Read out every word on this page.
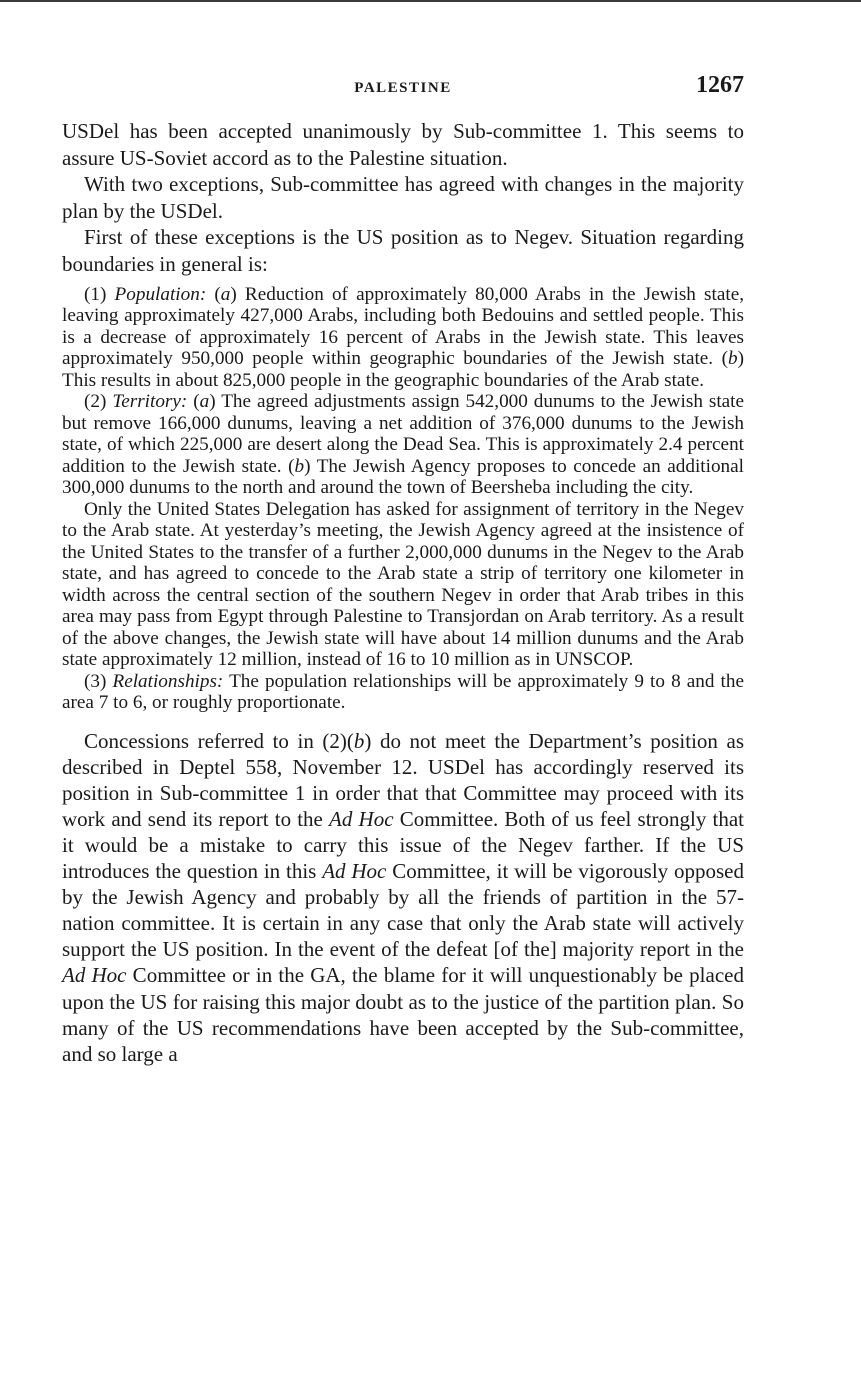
PALESTINE	1267

USDel has been accepted unanimously by Sub-committee 1. This seems to assure US-Soviet accord as to the Palestine situation.

With two exceptions, Sub-committee has agreed with changes in the majority plan by the USDel.

First of these exceptions is the US position as to Negev. Situation regarding boundaries in general is:

(1) Population: (a) Reduction of approximately 80,000 Arabs in the Jewish state, leaving approximately 427,000 Arabs, including both Bedouins and settled people. This is a decrease of approximately 16 percent of Arabs in the Jewish state. This leaves approximately 950,000 people within geographic boundaries of the Jewish state. (b) This results in about 825,000 people in the geographic boundaries of the Arab state.

(2) Territory: (a) The agreed adjustments assign 542,000 dunums to the Jewish state but remove 166,000 dunums, leaving a net addition of 376,000 dunums to the Jewish state, of which 225,000 are desert along the Dead Sea. This is approximately 2.4 percent addition to the Jewish state. (b) The Jewish Agency proposes to concede an additional 300,000 dunums to the north and around the town of Beersheba including the city.

Only the United States Delegation has asked for assignment of territory in the Negev to the Arab state. At yesterday’s meeting, the Jewish Agency agreed at the insistence of the United States to the transfer of a further 2,000,000 dunums in the Negev to the Arab state, and has agreed to concede to the Arab state a strip of territory one kilometer in width across the central section of the southern Negev in order that Arab tribes in this area may pass from Egypt through Palestine to Transjordan on Arab territory. As a result of the above changes, the Jewish state will have about 14 million dunums and the Arab state approximately 12 million, instead of 16 to 10 million as in UNSCOP.

(3) Relationships: The population relationships will be approximately 9 to 8 and the area 7 to 6, or roughly proportionate.

Concessions referred to in (2)(b) do not meet the Department’s position as described in Deptel 558, November 12. USDel has accordingly reserved its position in Sub-committee 1 in order that that Committee may proceed with its work and send its report to the Ad Hoc Committee. Both of us feel strongly that it would be a mistake to carry this issue of the Negev farther. If the US introduces the question in this Ad Hoc Committee, it will be vigorously opposed by the Jewish Agency and probably by all the friends of partition in the 57-nation committee. It is certain in any case that only the Arab state will actively support the US position. In the event of the defeat [of the] majority report in the Ad Hoc Committee or in the GA, the blame for it will unquestionably be placed upon the US for raising this major doubt as to the justice of the partition plan. So many of the US recommendations have been accepted by the Sub-committee, and so large a
